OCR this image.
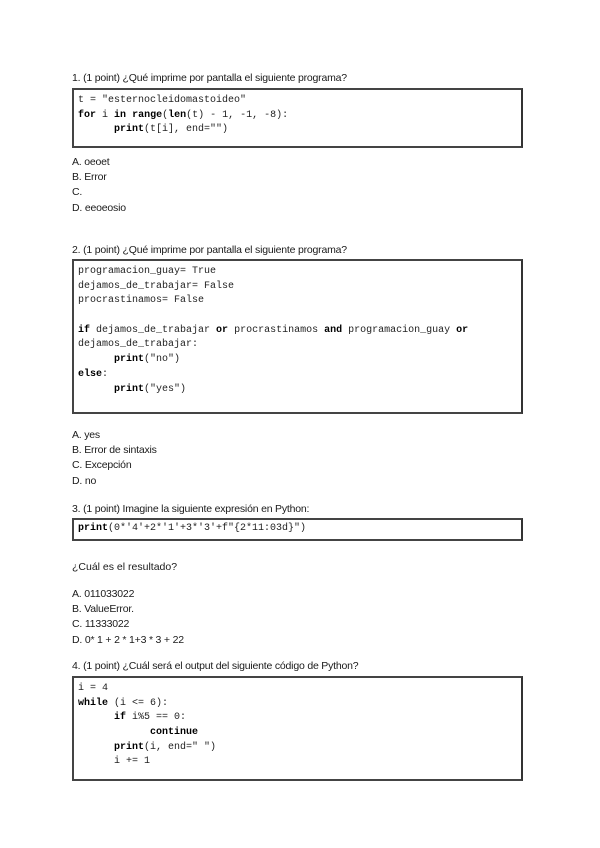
1. (1 point) ¿Qué imprime por pantalla el siguiente programa?
t = "esternocleidomastoideo"
for i in range(len(t) - 1, -1, -8):
print(t[i], end="")
A. oeoet
B. Error
C.
D. eeoeosio
2. (1 point) ¿Qué imprime por pantalla el siguiente programa?
programacion_guay= True
dejamos_de_trabajar= False
procrastinamos= False
if dejamos_de_trabajar or procrastinamos and programacion_guay or
dejamos_de_trabajar:
print("no")
else:
print("yes")
A. yes
B. Error de sintaxis
C. Excepción
D. no
3. (1 point) Imagine la siguiente expresión en Python:
print(0*'4'+2*'1'+3*'3'+f"{2*11:03d}")
¿Cuál es el resultado?
A. 011033022
B. ValueError.
C. 11333022
D. 0* 1 + 2 * 1+3 * 3 + 22
4. (1 point) ¿Cuál será el output del siguiente código de Python?
i = 4
while (i <= 6):
if i%5 == 0:
continue
print(i, end=" ")
i += 1
